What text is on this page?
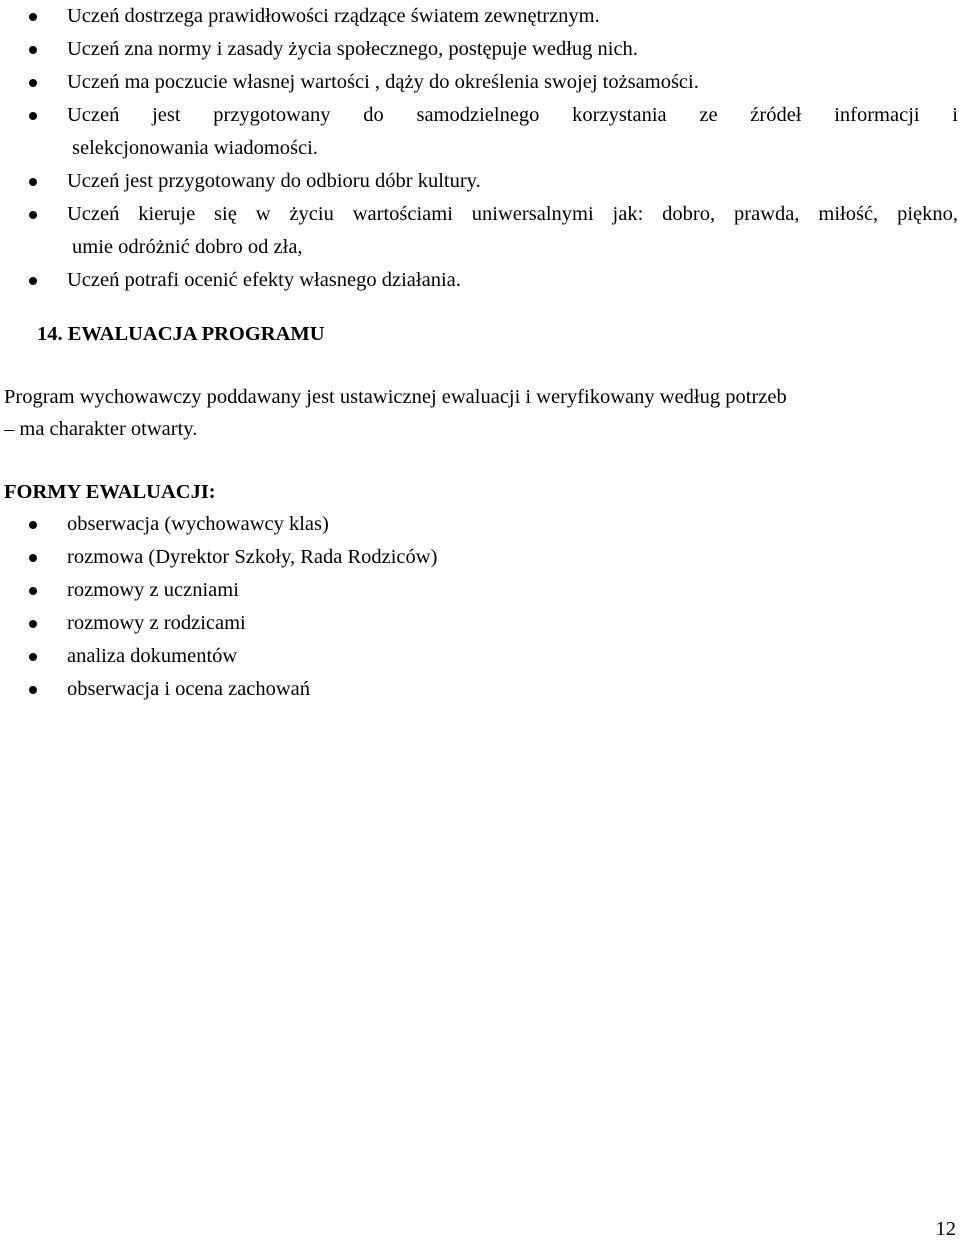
Uczeń dostrzega prawidłowości rządzące światem zewnętrznym.
Uczeń zna normy i zasady życia społecznego, postępuje według nich.
Uczeń ma poczucie własnej wartości , dąży do określenia swojej tożsamości.
Uczeń jest przygotowany do samodzielnego korzystania ze źródeł informacji i
selekcjonowania wiadomości.
Uczeń jest przygotowany do odbioru dóbr kultury.
Uczeń kieruje się w życiu wartościami uniwersalnymi jak: dobro, prawda, miłość, piękno,
umie odróżnić dobro od zła,
Uczeń potrafi ocenić efekty własnego działania.
14. EWALUACJA PROGRAMU

Program wychowawczy poddawany jest ustawicznej ewaluacji i weryfikowany według potrzeb
– ma charakter otwarty.

FORMY EWALUACJI:
obserwacja (wychowawcy klas)
rozmowa (Dyrektor Szkoły, Rada Rodziców)
rozmowy z uczniami
rozmowy z rodzicami
analiza dokumentów
obserwacja i ocena zachowań
12
